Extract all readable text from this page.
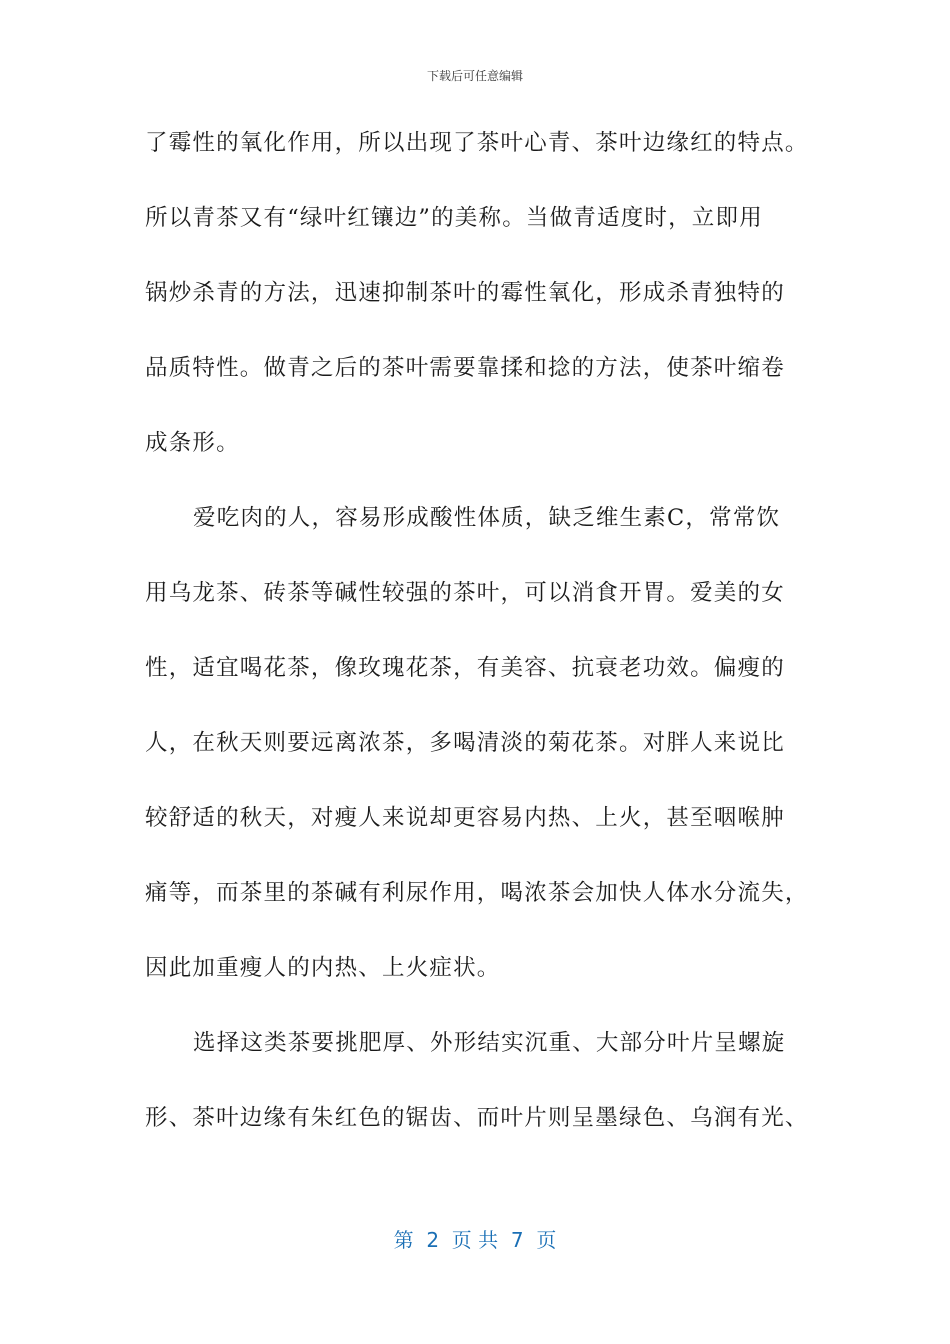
下载后可任意编辑
了霉性的氧化作用，所以出现了茶叶心青、茶叶边缘红的特点。
所以青茶又有“绿叶红镶边”的美称。当做青适度时，立即用
锅炒杀青的方法，迅速抑制茶叶的霉性氧化，形成杀青独特的
品质特性。做青之后的茶叶需要靠揉和捻的方法，使茶叶缩卷
成条形。
爱吃肉的人，容易形成酸性体质，缺乏维生素C，常常饮
用乌龙茶、砖茶等碱性较强的茶叶，可以消食开胃。爱美的女
性，适宜喝花茶，像玫瑰花茶，有美容、抗衰老功效。偏瘦的
人，在秋天则要远离浓茶，多喝清淡的菊花茶。对胖人来说比
较舒适的秋天，对瘦人来说却更容易内热、上火，甚至咽喉肿
痛等，而茶里的茶碱有利尿作用，喝浓茶会加快人体水分流失，
因此加重瘦人的内热、上火症状。
选择这类茶要挑肥厚、外形结实沉重、大部分叶片呈螺旋
形、茶叶边缘有朱红色的锯齿、而叶片则呈墨绿色、乌润有光、
第  2  页 共  7  页
